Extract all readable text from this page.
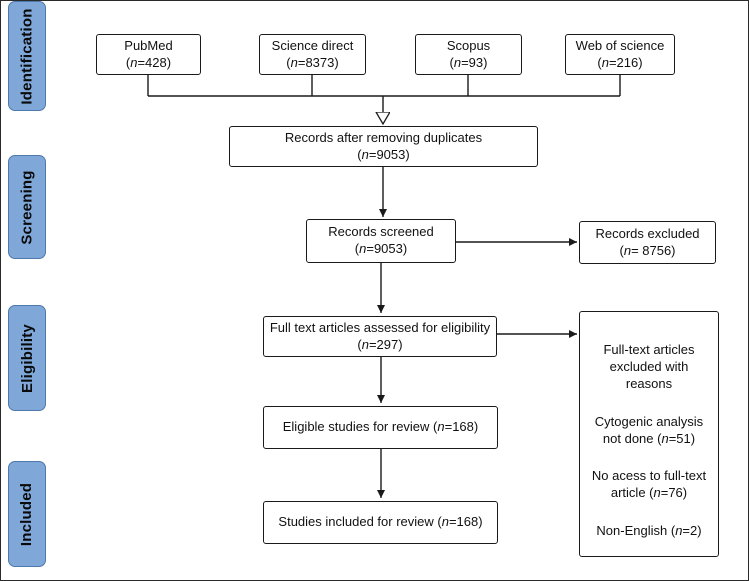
Identification
Screening
Eligibility
Included
PubMed
(n=428)
Science direct
(n=8373)
Scopus
(n=93)
Web of science
(n=216)
Records after removing duplicates
(n=9053)
Records screened
(n=9053)
Records excluded
(n= 8756)
Full text articles assessed for eligibility (n=297)	Full-text articles excluded with reasons
Cytogenic analysis not done (n=51)
No acess to full-text article (n=76)
Non-English (n=2)
Eligible studies for review (n=168)
Studies included for review (n=168)
